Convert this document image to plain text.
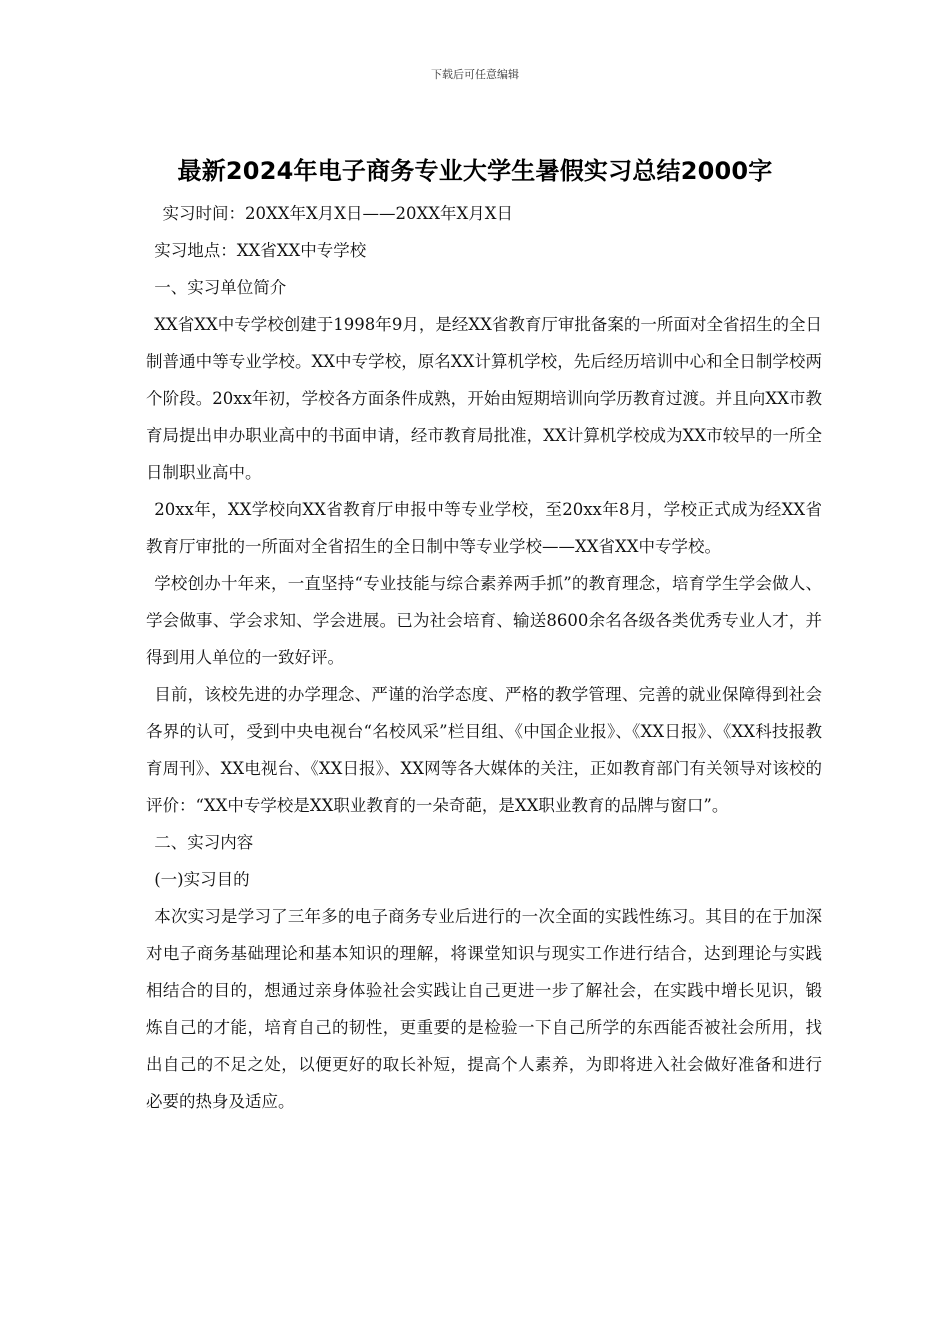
下载后可任意编辑
最新2024年电子商务专业大学生暑假实习总结2000字

实习时间：20XX年X月X日——20XX年X月X日

实习地点：XX省XX中专学校

一、实习单位简介

XX省XX中专学校创建于1998年9月，是经XX省教育厅审批备案的一所面对全省招生的全日制普通中等专业学校。XX中专学校，原名XX计算机学校，先后经历培训中心和全日制学校两个阶段。20xx年初，学校各方面条件成熟，开始由短期培训向学历教育过渡。并且向XX市教育局提出申办职业高中的书面申请，经市教育局批准，XX计算机学校成为XX市较早的一所全日制职业高中。

20xx年，XX学校向XX省教育厅申报中等专业学校，至20xx年8月，学校正式成为经XX省教育厅审批的一所面对全省招生的全日制中等专业学校——XX省XX中专学校。

学校创办十年来，一直坚持“专业技能与综合素养两手抓”的教育理念，培育学生学会做人、学会做事、学会求知、学会进展。已为社会培育、输送8600余名各级各类优秀专业人才，并得到用人单位的一致好评。

目前，该校先进的办学理念、严谨的治学态度、严格的教学管理、完善的就业保障得到社会各界的认可，受到中央电视台“名校风采”栏目组、《中国企业报》、《XX日报》、《XX科技报教育周刊》、XX电视台、《XX日报》、XX网等各大媒体的关注，正如教育部门有关领导对该校的评价：“XX中专学校是XX职业教育的一朵奇葩，是XX职业教育的品牌与窗口”。

二、实习内容

(一)实习目的

本次实习是学习了三年多的电子商务专业后进行的一次全面的实践性练习。其目的在于加深对电子商务基础理论和基本知识的理解，将课堂知识与现实工作进行结合，达到理论与实践相结合的目的，想通过亲身体验社会实践让自己更进一步了解社会，在实践中增长见识，锻炼自己的才能，培育自己的韧性，更重要的是检验一下自己所学的东西能否被社会所用，找出自己的不足之处，以便更好的取长补短，提高个人素养，为即将进入社会做好准备和进行必要的热身及适应。
